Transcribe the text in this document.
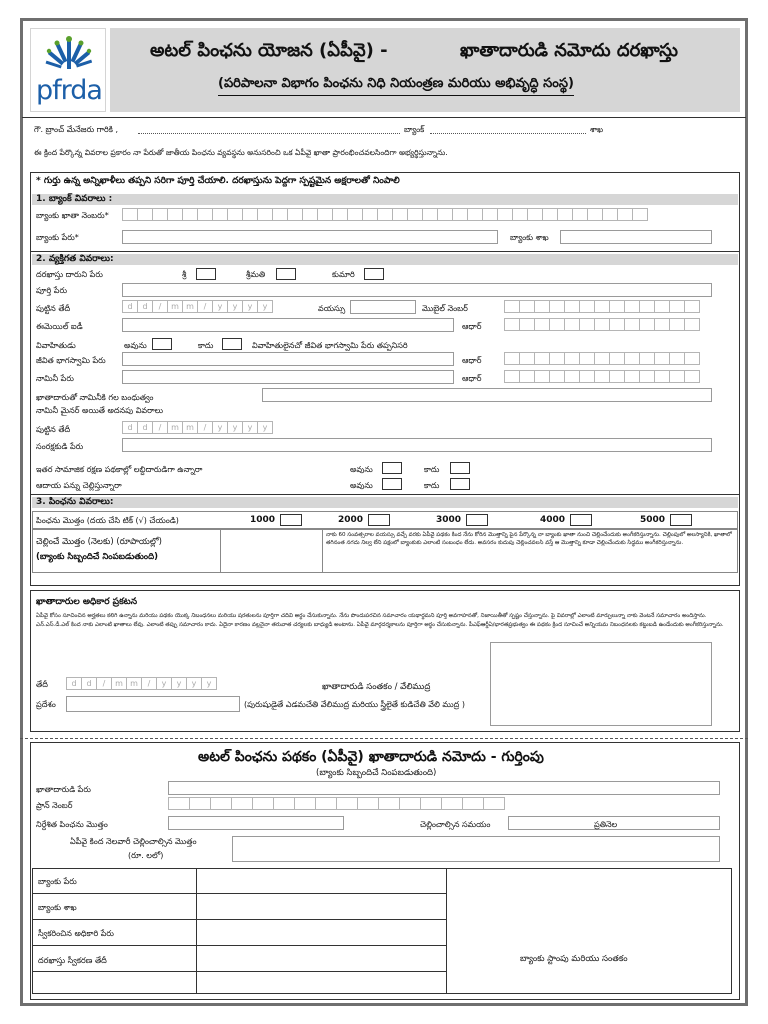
pfrda
అటల్ పింఛను యోజన (ఏపీవై) -	ఖాతాదారుడి నమోదు దరఖాస్తు
(పరిపాలనా విభాగం పింఛను నిధి నియంత్రణ మరియు అభివృద్ధి సంస్థ)
గౌ. బ్రాంచ్ మేనేజరు గారికి ,	బ్యాంక్	శాఖ
ఈ క్రింద పేర్కొన్న వివరాల ప్రకారం నా పేరుతో జాతీయ పింఛను వ్యవస్థను అనుసరించి ఒక ఏపీవై ఖాతా ప్రారంభించవలసిందిగా అభ్యర్థిస్తున్నాను.
* గుర్తు ఉన్న అన్నిఖాళీలు తప్పని సరిగా పూర్తి చేయాలి. దరఖాస్తును పెద్దగా స్పష్టమైన అక్షరాలతో నింపాలి
1. బ్యాంక్ వివరాలు :
బ్యాంకు ఖాతా నెంబరు*
బ్యాంకు పేరు*	బ్యాంకు శాఖ
2. వ్యక్తిగత వివరాలు:
దరఖాస్తు దారుని పేరు	శ్రీ	శ్రీమతి	కుమారి
పూర్తి పేరు
పుట్టిన తేదీ	d	d	/	m m	/	y	y	y	y	వయస్సు	మొబైల్ నెంబర్
ఈమెయిల్ ఐడీ	ఆధార్
వివాహితుడు	అవును	కాదు	వివాహితులైనచో జీవిత భాగస్వామి పేరు తప్పనిసరి
జీవిత భాగస్వామి పేరు	ఆధార్
నామినీ పేరు	ఆధార్
ఖాతాదారుతో నామినీకి గల బంధుత్వం
నామినీ మైనర్ అయితే అదనపు వివరాలు
పుట్టిన తేదీ	d	d	/	m m	/	y	y	y	y
సంరక్షకుడి పేరు
ఇతర సామాజిక రక్షణ పథకాల్లో లబ్దిదారుడిగా ఉన్నారా	అవును	కాదు
ఆదాయ పన్ను చెల్లిస్తున్నారా	అవును	కాదు
3. పింఛను వివరాలు:
పింఛను మొత్తం (దయ చేసి టిక్ (√) చేయండి)	1000	2000	3000	4000	5000
చెల్లించే మొత్తం (నెలకు) (రూపాయల్లో)
(బ్యాంకు సిబ్బందిచే నింపబడుతుంది)
నాకు 60 సంవత్సరాల వయస్సు వచ్చే వరకు ఏపీవై పథకం కింద నేను కోరిన మొత్తాన్ని పైన పేర్కొన్న నా బ్యాంకు ఖాతా నుంచి చెల్లించేందుకు అంగీకరిస్తున్నాను. చెల్లింపులో అలస్యానికి, ఖాతాలో తగినంత నగదు నిల్వ లేని పక్షంలో బ్యాంకుకు ఎలాంటి సంబంధం లేదు. అవసరం కుదుపు చెల్లించవలసి వస్తే ఆ మొత్తాన్ని కూడా చెల్లించేందుకు సిద్ధము అంగీకరిస్తున్నాను.
ఖాతాదారుల అధికార ప్రకటన
ఏపీవై కోసం సూచించిన అర్హతలు కలిగి ఉన్నాను మరియు పథకం యొక్క నిబంధనలు మరియు షరతులను పూర్తిగా చదివి అర్థం చేసుకున్నాను. నేను పొందుపరచిన సమాచారం యథార్థమని పూర్తి అవగాహనతో, నిజాయితీతో స్పష్టం చేస్తున్నాను. పై వివరాల్లో ఎలాంటి మార్పులున్నా నాకు వెంటనే సమాచారం అందిస్తాను. ఎన్.ఎస్.డీ.ఎల్ కింద నాకు ఎలాంటి ఖాతాలు లేవు. ఎలాంటి తప్పు సమాచారం కాదు. ఏదైనా కారణం వల్లనైనా తరువాత చర్యలకు బాధ్యుడి అంటాను. ఏపీవై మార్గదర్శకాలను పూర్తిగా అర్థం చేసుకున్నాను. పీఎఫ్ఆర్డీఏ/భారతప్రభుత్వం ఈ పథకం క్రింద సూచించే అన్నియమ నిబంధనలకు కట్టుబడి ఉండేందుకు అంగీకరిస్తున్నాను.
తేదీ	d	d	/	m m	/	y	y	y	y	ఖాతాదారుడి సంతకం / వేలిముద్ర
ప్రదేశం	(పురుషుడైతే ఎడమచేతి వేలిముద్ర మరియు స్త్రీలైతే కుడిచేతి వేలి ముద్ర )
అటల్ పింఛను పథకం (ఏపీవై) ఖాతాదారుడి నమోదు - గుర్తింపు
(బ్యాంకు సిబ్బందిచే నింపబడుతుంది)
ఖాతాదారుడి పేరు
ప్రాన్ నెంబర్
నిర్దేశిత పింఛను మొత్తం	చెల్లించాల్సిన సమయం	ప్రతినెల
ఏపీవై కింద నెలవారీ చెల్లించాల్సిన మొత్తం
(రూ. లలో)
బ్యాంకు పేరు
బ్యాంకు శాఖ
స్వీకరించిన అధికారి పేరు
దరఖాస్తు స్వీకరణ తేదీ	బ్యాంకు స్టాంపు మరియు సంతకం
